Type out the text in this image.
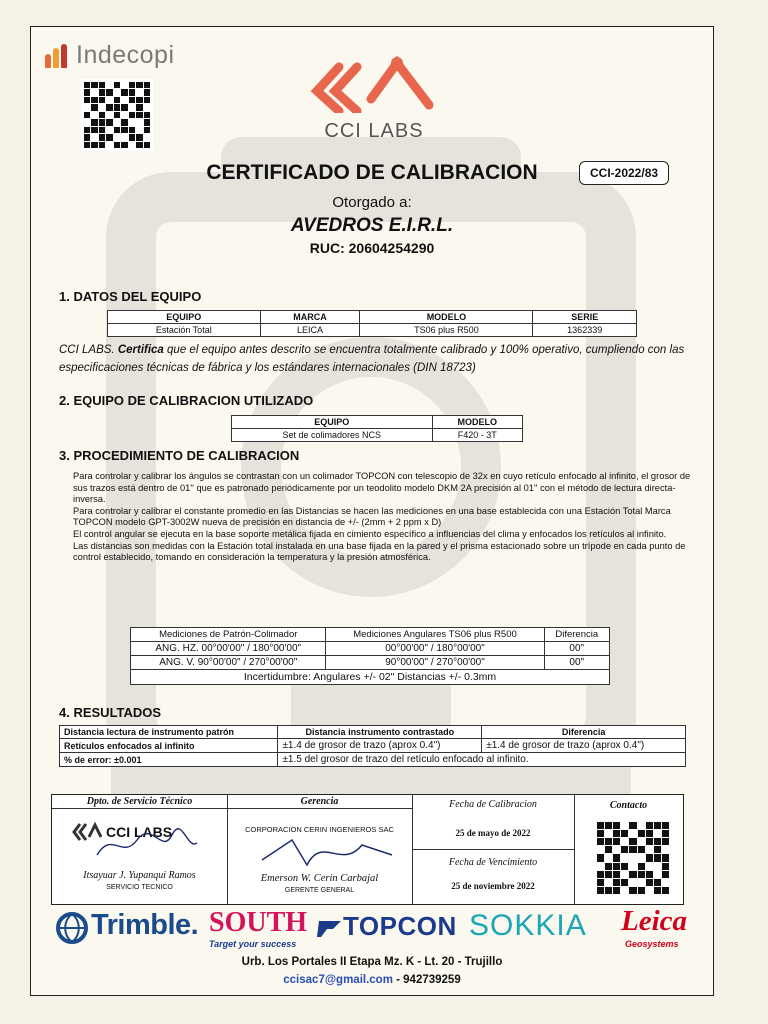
Indecopi
CCI LABS
CERTIFICADO DE CALIBRACION	CCI-2022/83
Otorgado a:
AVEDROS E.I.R.L.
RUC: 20604254290
1. DATOS DEL EQUIPO
EQUIPO	MARCA	MODELO	SERIE
Estación Total	LEICA	TS06 plus R500	1362339
CCI LABS. Certifica que el equipo antes descrito se encuentra totalmente calibrado y 100% operativo, cumpliendo con las especificaciones técnicas de fábrica y los estándares internacionales (DIN 18723)
2. EQUIPO DE CALIBRACION UTILIZADO
EQUIPO	MODELO
Set de colimadores NCS	F420 - 3T
3. PROCEDIMIENTO DE CALIBRACION

Para controlar y calibrar los ángulos se contrastan con un colimador TOPCON con telescopio de 32x en cuyo retículo enfocado al infinito, el grosor de sus trazos está dentro de 01'' que es patronado periódicamente por un teodolito modelo DKM 2A precisión al 01'' con el método de lectura directa-inversa.

Para controlar y calibrar el constante promedio en las Distancias se hacen las mediciones en una base establecida con una Estación Total Marca TOPCON modelo GPT-3002W nueva de precisión en distancia de +/- (2mm + 2 ppm x D)

El control angular se ejecuta en la base soporte metálica fijada en cimiento específico a influencias del clima y enfocados los retículos al infinito.

Las distancias son medidas con la Estación total instalada en una base fijada en la pared y el prisma estacionado sobre un trípode en cada punto de control establecido, tomando en consideración la temperatura y la presión atmosférica.

Mediciones de Patrón-Colimador	Mediciones Angulares TS06 plus R500	Diferencia
ANG. HZ. 00°00'00" / 180°00'00"	00°00'00" / 180°00'00"	00"
ANG. V. 90°00'00" / 270°00'00"	90°00'00" / 270°00'00"	00"
Incertidumbre: Angulares +/- 02" Distancias +/- 0.3mm		
4. RESULTADOS
Distancia lectura de instrumento patrón	Distancia instrumento contrastado	Diferencia
Retículos enfocados al infinito	±1.4 de grosor de trazo (aprox 0.4")	±1.4 de grosor de trazo (aprox 0.4")
% de error: ±0.001	±1.5 del grosor de trazo del retículo enfocado al infinito.	
Dpto. de Servicio Técnico
CCI LABS
Itsayuar J. Yupanqui Ramos
SERVICIO TECNICO
Gerencia
CORPORACION CERIN INGENIEROS SAC
Emerson W. Cerin Carbajal
GERENTE GENERAL
Fecha de Calibracion
25 de mayo de 2022
Fecha de Vencimiento
25 de noviembre 2022
Contacto
Trimble. SOUTH
Target your success
TOPCON SOKKIA Leica
Geosystems
Urb. Los Portales II Etapa Mz. K - Lt. 20 - Trujillo
ccisac7@gmail.com - 942739259
